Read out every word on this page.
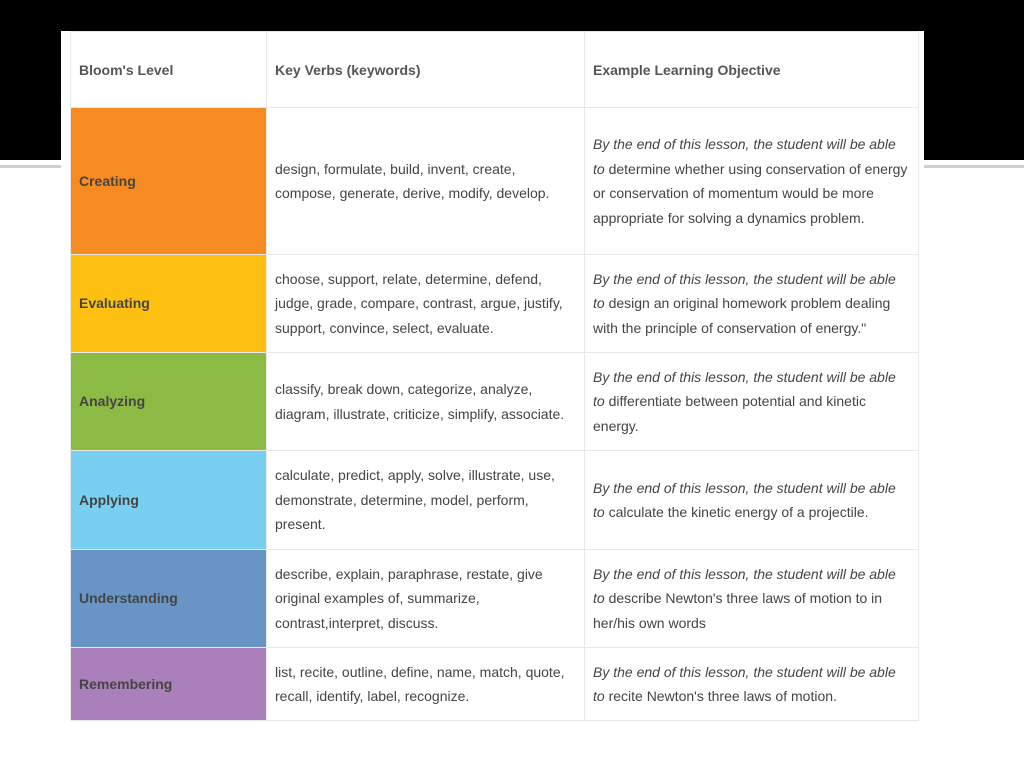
Bloom's Level	Key Verbs (keywords)	Example Learning Objective
Creating	design, formulate, build, invent, create, compose, generate, derive, modify, develop.	By the end of this lesson, the student will be able to determine whether using conservation of energy or conservation of momentum would be more appropriate for solving a dynamics problem.
Evaluating	choose, support, relate, determine, defend, judge, grade, compare, contrast, argue, justify, support, convince, select, evaluate.	By the end of this lesson, the student will be able to design an original homework problem dealing with the principle of conservation of energy."
Analyzing	classify, break down, categorize, analyze, diagram, illustrate, criticize, simplify, associate.	By the end of this lesson, the student will be able to differentiate between potential and kinetic energy.
Applying	calculate, predict, apply, solve, illustrate, use, demonstrate, determine, model, perform, present.	By the end of this lesson, the student will be able to calculate the kinetic energy of a projectile.
Understanding	describe, explain, paraphrase, restate, give original examples of, summarize, contrast,interpret, discuss.	By the end of this lesson, the student will be able to describe Newton's three laws of motion to in her/his own words
Remembering	list, recite, outline, define, name, match, quote, recall, identify, label, recognize.	By the end of this lesson, the student will be able to recite Newton's three laws of motion.
